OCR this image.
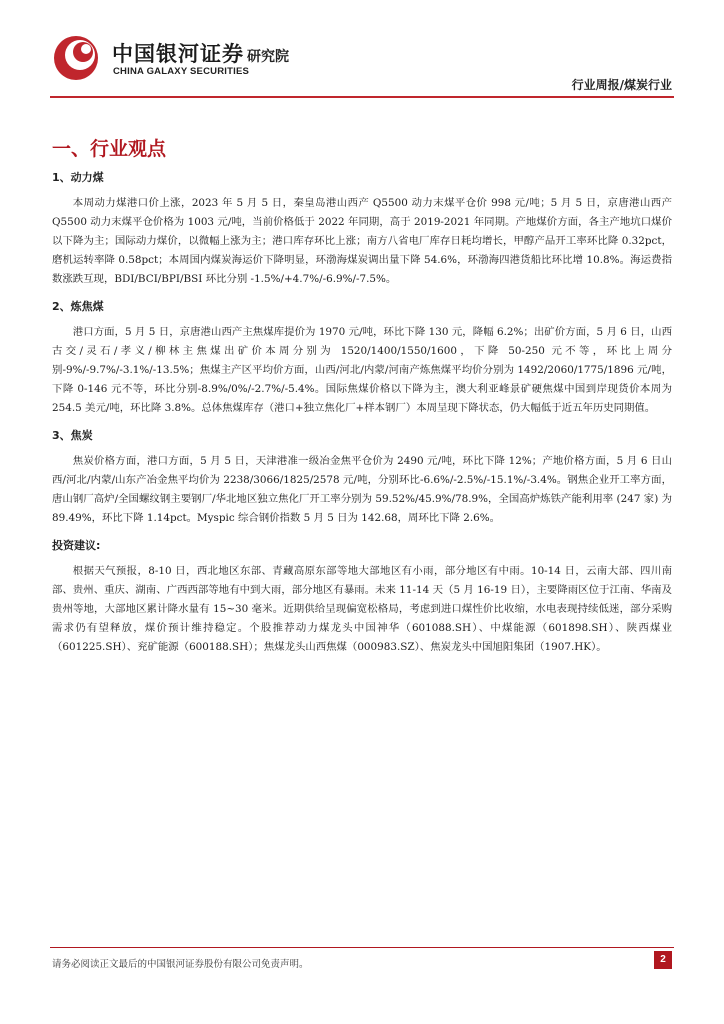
中国银河证券
CHINA GALAXY SECURITIES
研究院
行业周报/煤炭行业
一、行业观点
1、动力煤

本周动力煤港口价上涨，2023 年 5 月 5 日，秦皇岛港山西产 Q5500 动力末煤平仓价 998 元/吨；5 月 5 日，京唐港山西产 Q5500 动力末煤平仓价格为 1003 元/吨，当前价格低于 2022 年同期，高于 2019-2021 年同期。产地煤价方面，各主产地坑口煤价以下降为主；国际动力煤价，以微幅上涨为主；港口库存环比上涨；南方八省电厂库存日耗均增长，甲醇产品开工率环比降 0.32pct，磨机运转率降 0.58pct；本周国内煤炭海运价下降明显，环渤海煤炭调出量下降 54.6%，环渤海四港货船比环比增 10.8%。海运费指数涨跌互现，BDI/BCI/BPI/BSI 环比分别 -1.5%/+4.7%/-6.9%/-7.5%。

2、炼焦煤

港口方面，5 月 5 日，京唐港山西产主焦煤库提价为 1970 元/吨，环比下降 130 元，降幅 6.2%；出矿价方面，5 月 6 日，山西古交/灵石/孝义/柳林主焦煤出矿价本周分别为 1520/1400/1550/1600，下降 50-250 元不等，环比上周分别-9%/-9.7%/-3.1%/-13.5%；焦煤主产区平均价方面，山西/河北/内蒙/河南产炼焦煤平均价分别为 1492/2060/1775/1896 元/吨，下降 0-146 元不等，环比分别-8.9%/0%/-2.7%/-5.4%。国际焦煤价格以下降为主，澳大利亚峰景矿硬焦煤中国到岸现货价本周为 254.5 美元/吨，环比降 3.8%。总体焦煤库存（港口+独立焦化厂+样本钢厂）本周呈现下降状态，仍大幅低于近五年历史同期值。

3、焦炭

焦炭价格方面，港口方面，5 月 5 日，天津港准一级冶金焦平仓价为 2490 元/吨，环比下降 12%；产地价格方面，5 月 6 日山西/河北/内蒙/山东产冶金焦平均价为 2238/3066/1825/2578 元/吨，分别环比-6.6%/-2.5%/-15.1%/-3.4%。钢焦企业开工率方面，唐山钢厂高炉/全国螺纹钢主要钢厂/华北地区独立焦化厂开工率分别为 59.52%/45.9%/78.9%，全国高炉炼铁产能利用率 (247 家) 为 89.49%，环比下降 1.14pct。Myspic 综合钢价指数 5 月 5 日为 142.68，周环比下降 2.6%。

投资建议:

根据天气预报，8-10 日，西北地区东部、青藏高原东部等地大部地区有小雨，部分地区有中雨。10-14 日，云南大部、四川南部、贵州、重庆、湖南、广西西部等地有中到大雨，部分地区有暴雨。未来 11-14 天（5 月 16-19 日），主要降雨区位于江南、华南及贵州等地，大部地区累计降水量有 15~30 毫米。近期供给呈现偏宽松格局，考虑到进口煤性价比收缩，水电表现持续低迷，部分采购需求仍有望释放，煤价预计维持稳定。个股推荐动力煤龙头中国神华（601088.SH）、中煤能源（601898.SH）、陕西煤业（601225.SH）、兖矿能源（600188.SH）；焦煤龙头山西焦煤（000983.SZ）、焦炭龙头中国旭阳集团（1907.HK）。

请务必阅读正文最后的中国银河证券股份有限公司免责声明。	2
